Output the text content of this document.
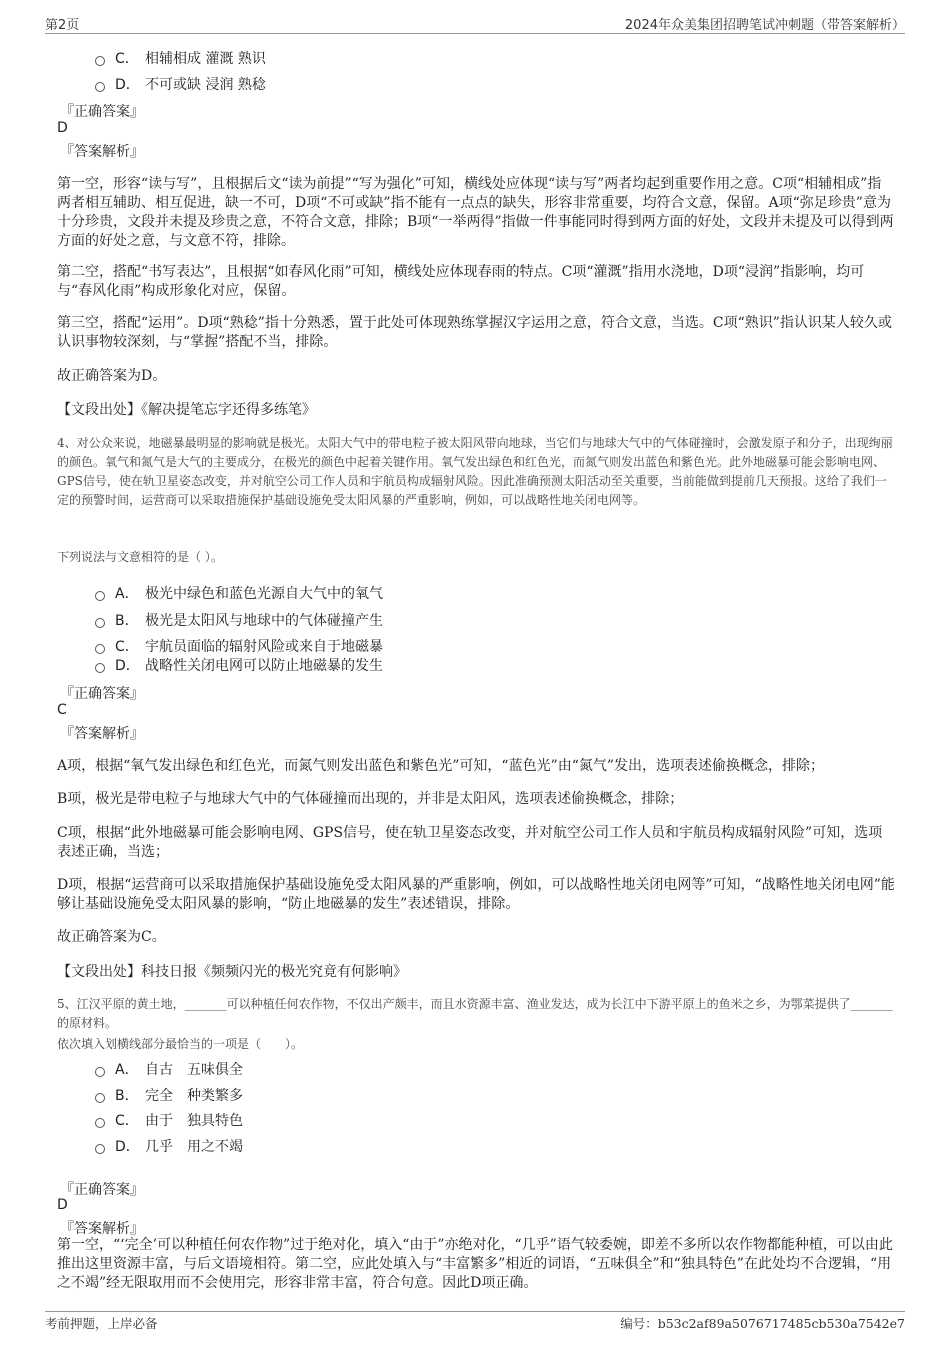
第2页	2024年众美集团招聘笔试冲刺题（带答案解析）
C． 相辅相成 灌溉 熟识
D． 不可或缺 浸润 熟稔
『正确答案』
D
『答案解析』
第一空，形容“读与写”，且根据后文“读为前提”“写为强化”可知，横线处应体现“读与写”两者均起到重要作用之意。C项“相辅相成”指两者相互辅助、相互促进，缺一不可，D项“不可或缺”指不能有一点点的缺失，形容非常重要，均符合文意，保留。A项“弥足珍贵”意为十分珍贵，文段并未提及珍贵之意，不符合文意，排除；B项“一举两得”指做一件事能同时得到两方面的好处，文段并未提及可以得到两方面的好处之意，与文意不符，排除。
第二空，搭配“书写表达”，且根据“如春风化雨”可知，横线处应体现春雨的特点。C项“灌溉”指用水浇地，D项“浸润”指影响，均可与“春风化雨”构成形象化对应，保留。
第三空，搭配“运用”。D项“熟稔”指十分熟悉，置于此处可体现熟练掌握汉字运用之意，符合文意，当选。C项“熟识”指认识某人较久或认识事物较深刻，与“掌握”搭配不当，排除。
故正确答案为D。
【文段出处】《解决提笔忘字还得多练笔》
4、对公众来说，地磁暴最明显的影响就是极光。太阳大气中的带电粒子被太阳风带向地球，当它们与地球大气中的气体碰撞时，会激发原子和分子，出现绚丽的颜色。氧气和氮气是大气的主要成分，在极光的颜色中起着关键作用。氧气发出绿色和红色光，而氮气则发出蓝色和紫色光。此外地磁暴可能会影响电网、GPS信号，使在轨卫星姿态改变，并对航空公司工作人员和宇航员构成辐射风险。因此准确预测太阳活动至关重要，当前能做到提前几天预报。这给了我们一定的预警时间，运营商可以采取措施保护基础设施免受太阳风暴的严重影响，例如，可以战略性地关闭电网等。
下列说法与文意相符的是（ ）。
A． 极光中绿色和蓝色光源自大气中的氧气
B． 极光是太阳风与地球中的气体碰撞产生
C． 宇航员面临的辐射风险或来自于地磁暴
D． 战略性关闭电网可以防止地磁暴的发生
『正确答案』
C
『答案解析』
A项，根据“氧气发出绿色和红色光，而氮气则发出蓝色和紫色光”可知，“蓝色光”由“氮气”发出，选项表述偷换概念，排除；
B项，极光是带电粒子与地球大气中的气体碰撞而出现的，并非是太阳风，选项表述偷换概念，排除；
C项，根据“此外地磁暴可能会影响电网、GPS信号，使在轨卫星姿态改变，并对航空公司工作人员和宇航员构成辐射风险”可知，选项表述正确，当选；
D项，根据“运营商可以采取措施保护基础设施免受太阳风暴的严重影响，例如，可以战略性地关闭电网等”可知，“战略性地关闭电网”能够让基础设施免受太阳风暴的影响，“防止地磁暴的发生”表述错误，排除。
故正确答案为C。
【文段出处】科技日报《频频闪光的极光究竟有何影响》
5、江汉平原的黄土地，_______可以种植任何农作物，不仅出产颇丰，而且水资源丰富、渔业发达，成为长江中下游平原上的鱼米之乡，为鄂菜提供了_______的原材料。
依次填入划横线部分最恰当的一项是（　　）。
A． 自古　五味俱全
B． 完全　种类繁多
C． 由于　独具特色
D． 几乎　用之不竭
『正确答案』
D
『答案解析』
第一空，“‘完全’可以种植任何农作物”过于绝对化，填入“由于”亦绝对化，“几乎”语气较委婉，即差不多所以农作物都能种植，可以由此推出这里资源丰富，与后文语境相符。第二空，应此处填入与“丰富繁多”相近的词语，“五味俱全”和“独具特色”在此处均不合逻辑，“用之不竭”经无限取用而不会使用完，形容非常丰富，符合句意。因此D项正确。
考前押题，上岸必备	编号：b53c2af89a5076717485cb530a7542e7
